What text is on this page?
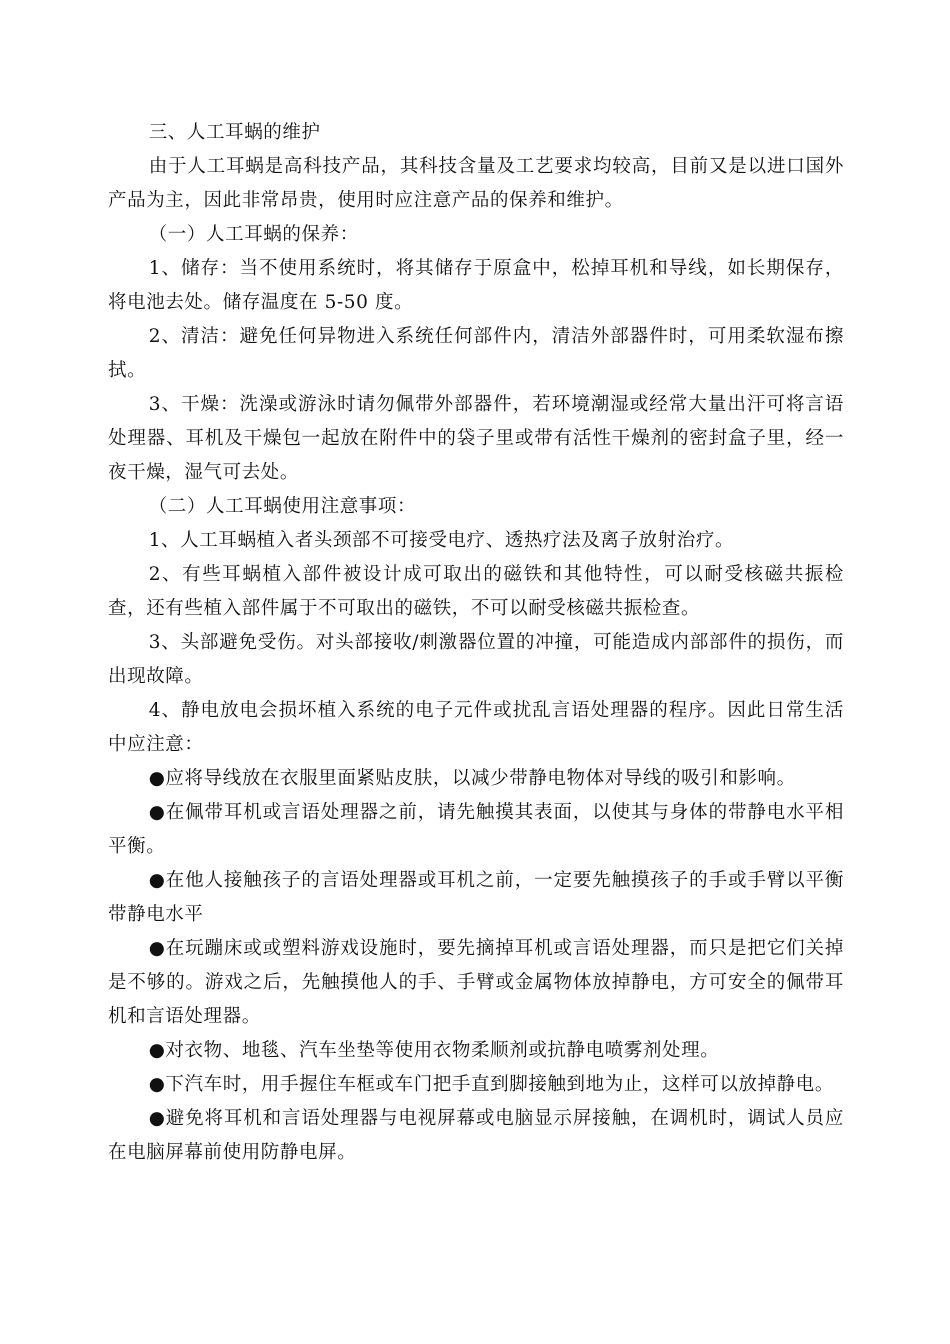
三、人工耳蜗的维护

由于人工耳蜗是高科技产品，其科技含量及工艺要求均较高，目前又是以进口国外产品为主，因此非常昂贵，使用时应注意产品的保养和维护。

（一）人工耳蜗的保养：

1、储存：当不使用系统时，将其储存于原盒中，松掉耳机和导线，如长期保存，将电池去处。储存温度在 5-50 度。

2、清洁：避免任何异物进入系统任何部件内，清洁外部器件时，可用柔软湿布擦拭。

3、干燥：洗澡或游泳时请勿佩带外部器件，若环境潮湿或经常大量出汗可将言语处理器、耳机及干燥包一起放在附件中的袋子里或带有活性干燥剂的密封盒子里，经一夜干燥，湿气可去处。

（二）人工耳蜗使用注意事项：

1、人工耳蜗植入者头颈部不可接受电疗、透热疗法及离子放射治疗。

2、有些耳蜗植入部件被设计成可取出的磁铁和其他特性，可以耐受核磁共振检查，还有些植入部件属于不可取出的磁铁，不可以耐受核磁共振检查。

3、头部避免受伤。对头部接收/刺激器位置的冲撞，可能造成内部部件的损伤，而出现故障。

4、静电放电会损坏植入系统的电子元件或扰乱言语处理器的程序。因此日常生活中应注意：

●应将导线放在衣服里面紧贴皮肤，以减少带静电物体对导线的吸引和影响。

●在佩带耳机或言语处理器之前，请先触摸其表面，以使其与身体的带静电水平相平衡。

●在他人接触孩子的言语处理器或耳机之前，一定要先触摸孩子的手或手臂以平衡带静电水平

●在玩蹦床或或塑料游戏设施时，要先摘掉耳机或言语处理器，而只是把它们关掉是不够的。游戏之后，先触摸他人的手、手臂或金属物体放掉静电，方可安全的佩带耳机和言语处理器。

●对衣物、地毯、汽车坐垫等使用衣物柔顺剂或抗静电喷雾剂处理。

●下汽车时，用手握住车框或车门把手直到脚接触到地为止，这样可以放掉静电。

●避免将耳机和言语处理器与电视屏幕或电脑显示屏接触，在调机时，调试人员应在电脑屏幕前使用防静电屏。
